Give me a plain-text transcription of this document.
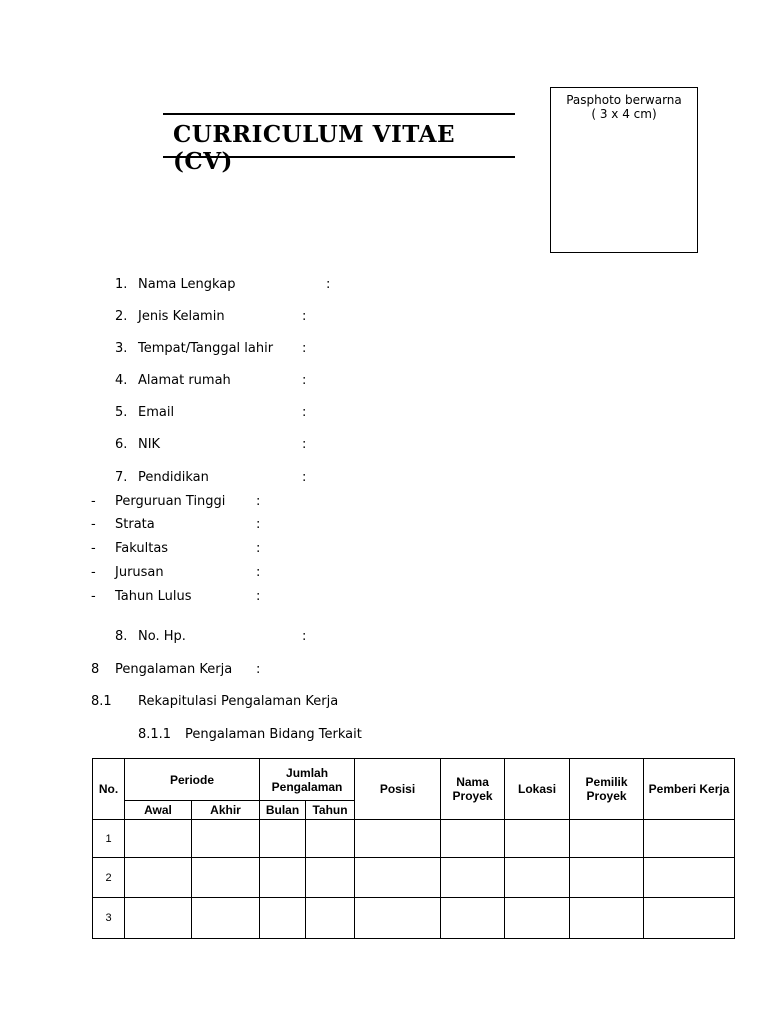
CURRICULUM VITAE (CV)
Pasphoto berwarna
( 3 x 4 cm)
1. Nama Lengkap	:
2. Jenis Kelamin	:
3. Tempat/Tanggal lahir :
4. Alamat rumah	:
5. Email	:
6. NIK	:
7. Pendidikan	:
- Perguruan Tinggi :
- Strata	:
- Fakultas	:
- Jurusan	:
- Tahun Lulus	:
8. No. Hp.	:
8 Pengalaman Kerja :
8.1 Rekapitulasi Pengalaman Kerja
8.1.1 Pengalaman Bidang Terkait
No.	Periode		Jumlah Pengalaman		Posisi	Nama Proyek	Lokasi	Pemilik Proyek	Pemberi Kerja
	Awal	Akhir	Bulan	Tahun					
1									
2									
3									
